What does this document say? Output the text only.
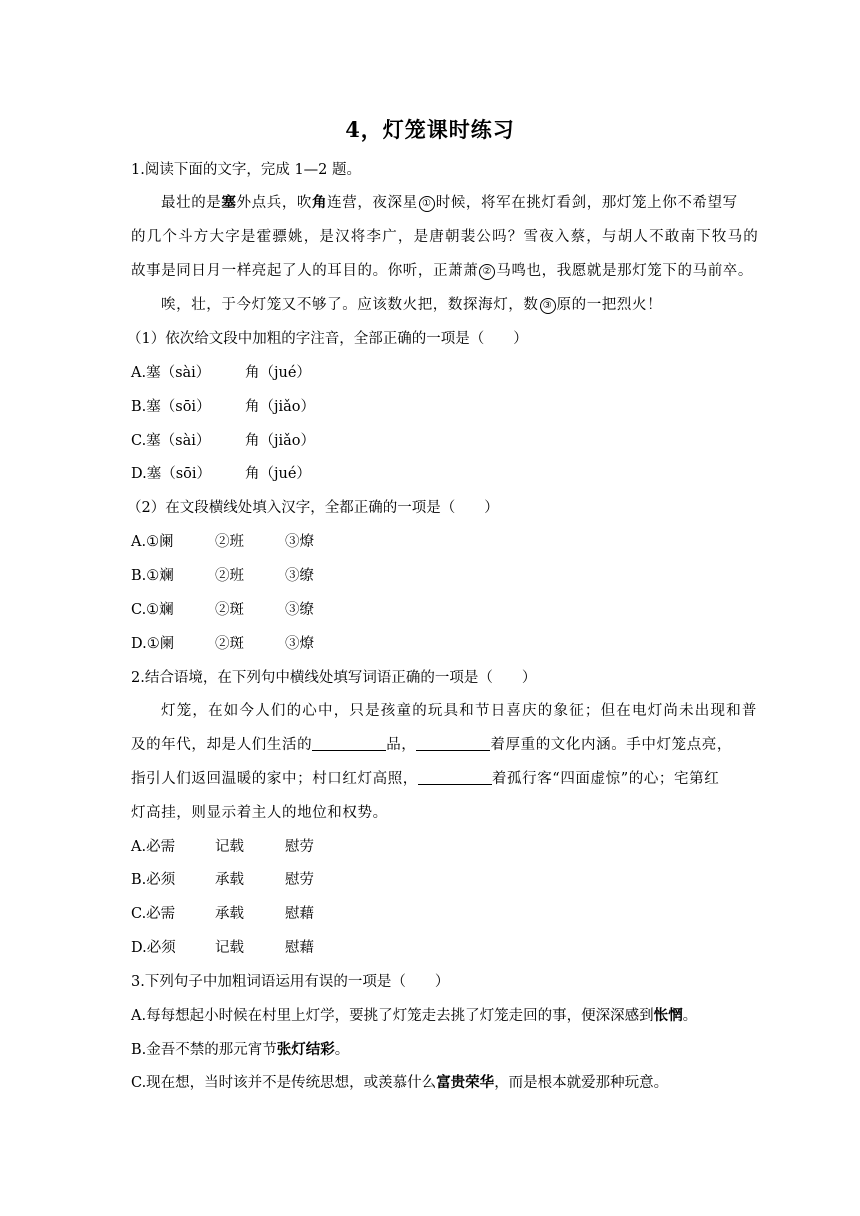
4，灯笼课时练习
1.阅读下面的文字，完成 1—2 题。
最壮的是塞外点兵，吹角连营，夜深星 ① 时候，将军在挑灯看剑，那灯笼上你不希望写
的几个斗方大字是霍骠姚，是汉将李广，是唐朝裴公吗？雪夜入蔡，与胡人不敢南下牧马的
故事是同日月一样亮起了人的耳目的。你听，正萧萧 ② 马鸣也，我愿就是那灯笼下的马前卒。
唉，壮，于今灯笼又不够了。应该数火把，数探海灯，数 ③ 原的一把烈火！
（1）依次给文段中加粗的字注音，全部正确的一项是（　　）
A.塞（sài） 角（jué）
B.塞（sōi） 角（jiǎo）
C.塞（sài） 角（jiǎo）
D.塞（sōi） 角（jué）
（2）在文段横线处填入汉字，全都正确的一项是（　　）
A.①阑	②班	③燎
B.①斓	②班	③缭
C.①斓	②斑	③缭
D.①阑	②斑	③燎
2.结合语境，在下列句中横线处填写词语正确的一项是（　　）
灯笼，在如今人们的心中，只是孩童的玩具和节日喜庆的象征；但在电灯尚未出现和普
及的年代，却是人们生活的	品，	着厚重的文化内涵。手中灯笼点亮，
指引人们返回温暖的家中；村口红灯高照，	着孤行客“四面虚惊”的心；宅第红
灯高挂，则显示着主人的地位和权势。
A.必需	记载	慰劳
B.必须	承载	慰劳
C.必需	承载	慰藉
D.必须	记载	慰藉
3.下列句子中加粗词语运用有误的一项是（　　）
A.每每想起小时候在村里上灯学，要挑了灯笼走去挑了灯笼走回的事，便深深感到怅惘。
B.金吾不禁的那元宵节张灯结彩。
C.现在想，当时该并不是传统思想，或羡慕什么富贵荣华，而是根本就爱那种玩意。
